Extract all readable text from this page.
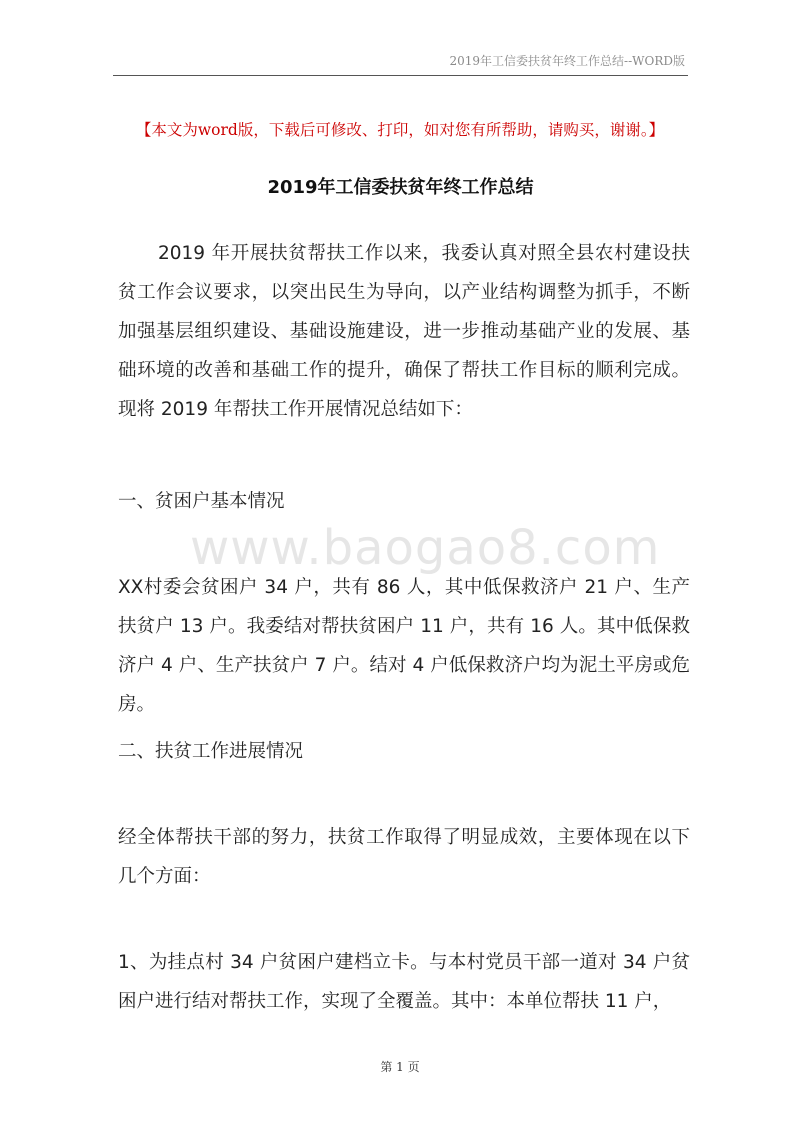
2019年工信委扶贫年终工作总结--WORD版
【本文为word版，下载后可修改、打印，如对您有所帮助，请购买，谢谢。】
2019年工信委扶贫年终工作总结
www.baogao8.com

2019 年开展扶贫帮扶工作以来，我委认真对照全县农村建设扶贫工作会议要求，以突出民生为导向，以产业结构调整为抓手，不断加强基层组织建设、基础设施建设，进一步推动基础产业的发展、基础环境的改善和基础工作的提升，确保了帮扶工作目标的顺利完成。现将 2019 年帮扶工作开展情况总结如下：

一、贫困户基本情况

XX村委会贫困户 34 户，共有 86 人，其中低保救济户 21 户、生产扶贫户 13 户。我委结对帮扶贫困户 11 户，共有 16 人。其中低保救济户 4 户、生产扶贫户 7 户。结对 4 户低保救济户均为泥土平房或危房。

二、扶贫工作进展情况

经全体帮扶干部的努力，扶贫工作取得了明显成效，主要体现在以下几个方面：

1、为挂点村 34 户贫困户建档立卡。与本村党员干部一道对 34 户贫困户进行结对帮扶工作，实现了全覆盖。其中：本单位帮扶 11 户，

第 1 页
